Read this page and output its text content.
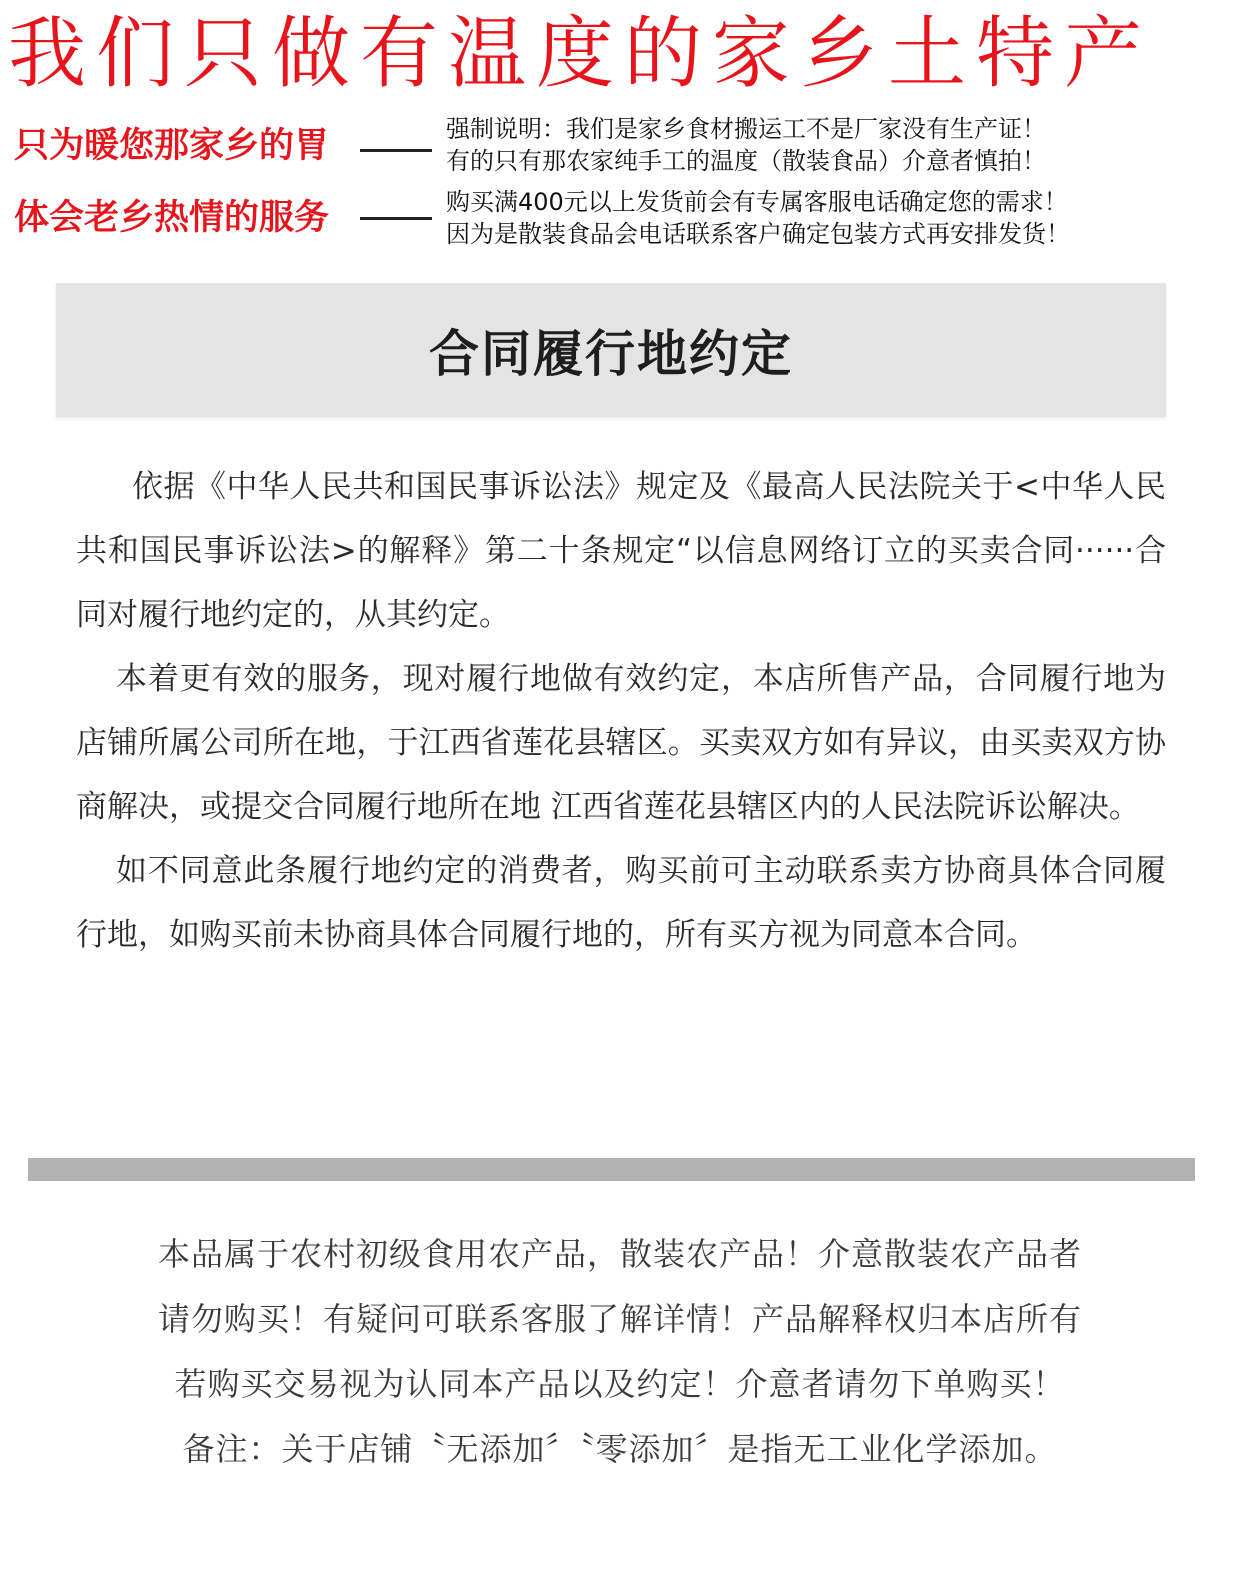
我们只做有温度的家乡土特产
只为暖您那家乡的胃
体会老乡热情的服务
强制说明：我们是家乡食材搬运工不是厂家没有生产证！
有的只有那农家纯手工的温度（散装食品）介意者慎拍！
购买满400元以上发货前会有专属客服电话确定您的需求！
因为是散装食品会电话联系客户确定包装方式再安排发货！
合同履行地约定

依据《中华人民共和国民事诉讼法》规定及《最高人民法院关于<中华人民共和国民事诉讼法>的解释》第二十条规定“以信息网络订立的买卖合同······合同对履行地约定的，从其约定。

本着更有效的服务，现对履行地做有效约定，本店所售产品，合同履行地为店铺所属公司所在地，于江西省莲花县辖区。买卖双方如有异议，由买卖双方协商解决，或提交合同履行地所在地 江西省莲花县辖区内的人民法院诉讼解决。

如不同意此条履行地约定的消费者，购买前可主动联系卖方协商具体合同履行地，如购买前未协商具体合同履行地的，所有买方视为同意本合同。

本品属于农村初级食用农产品，散装农产品！介意散装农产品者
请勿购买！有疑问可联系客服了解详情！产品解释权归本店所有
若购买交易视为认同本产品以及约定！介意者请勿下单购买！
备注：关于店铺〝无添加〞〝零添加〞是指无工业化学添加。
